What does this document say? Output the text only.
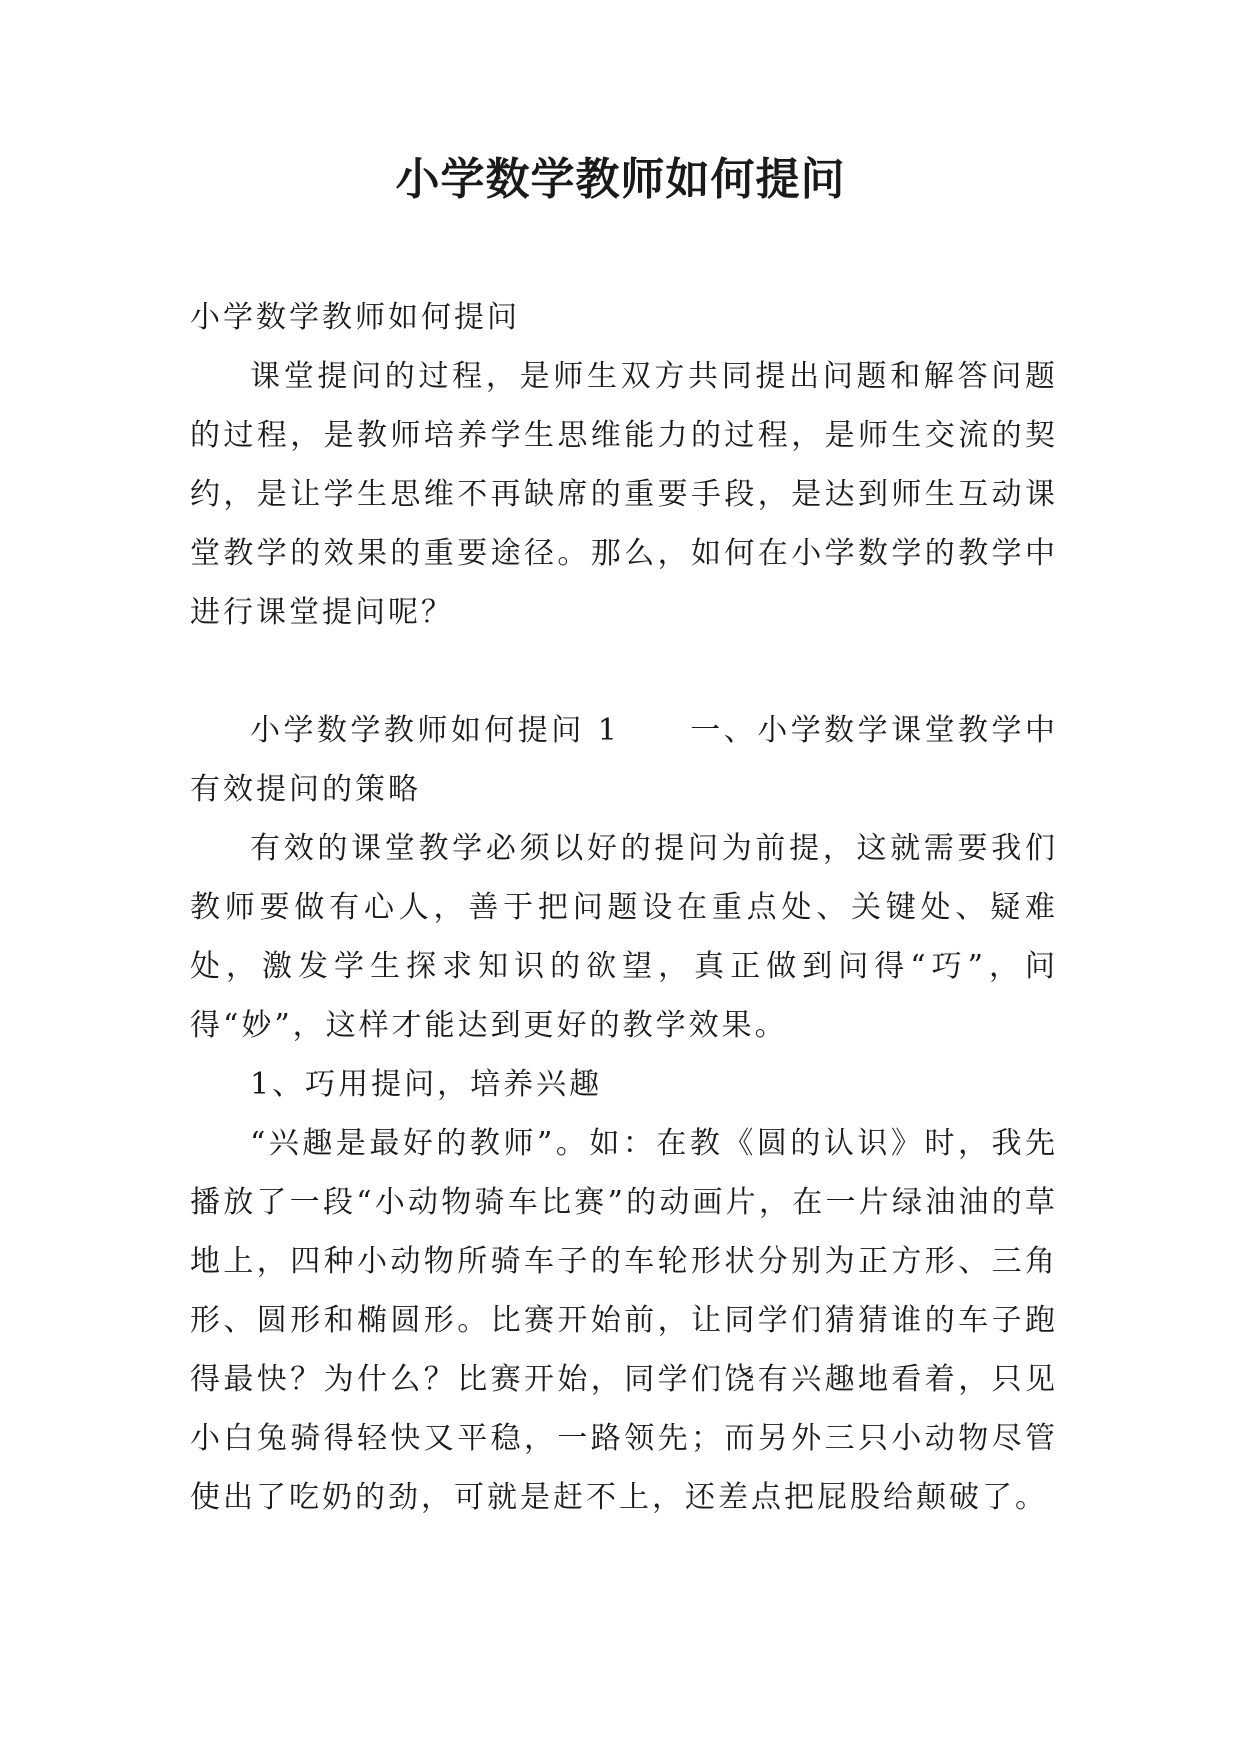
小学数学教师如何提问

小学数学教师如何提问

课堂提问的过程，是师生双方共同提出问题和解答问题的过程，是教师培养学生思维能力的过程，是师生交流的契约，是让学生思维不再缺席的重要手段，是达到师生互动课堂教学的效果的重要途径。那么，如何在小学数学的教学中进行课堂提问呢？

小学数学教师如何提问 1 一、小学数学课堂教学中有效提问的策略

有效的课堂教学必须以好的提问为前提，这就需要我们教师要做有心人，善于把问题设在重点处、关键处、疑难处，激发学生探求知识的欲望，真正做到问得“巧”，问得“妙”，这样才能达到更好的教学效果。

1、巧用提问，培养兴趣

“兴趣是最好的教师”。如：在教《圆的认识》时，我先播放了一段“小动物骑车比赛”的动画片，在一片绿油油的草地上，四种小动物所骑车子的车轮形状分别为正方形、三角形、圆形和椭圆形。比赛开始前，让同学们猜猜谁的车子跑得最快？为什么？比赛开始，同学们饶有兴趣地看着，只见小白兔骑得轻快又平稳，一路领先；而另外三只小动物尽管使出了吃奶的劲，可就是赶不上，还差点把屁股给颠破了。
